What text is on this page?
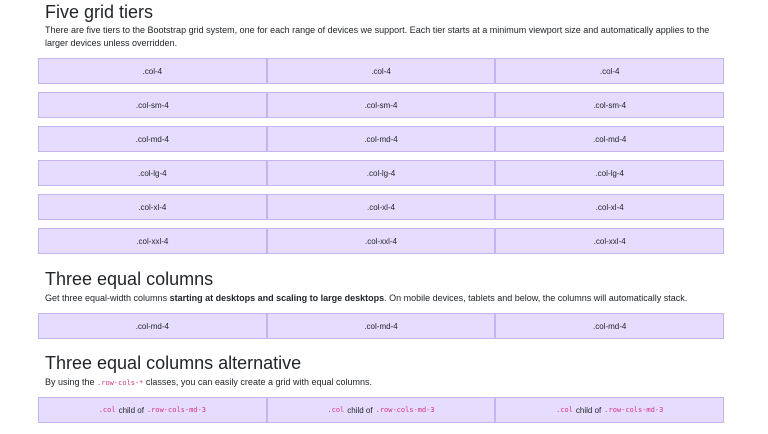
Five grid tiers

There are five tiers to the Bootstrap grid system, one for each range of devices we support. Each tier starts at a minimum viewport size and automatically applies to the larger devices unless overridden.

.col-4	.col-4	.col-4
.col-sm-4	.col-sm-4	.col-sm-4
.col-md-4	.col-md-4	.col-md-4
.col-lg-4	.col-lg-4	.col-lg-4
.col-xl-4	.col-xl-4	.col-xl-4
.col-xxl-4	.col-xxl-4	.col-xxl-4
Three equal columns

Get three equal-width columns starting at desktops and scaling to large desktops. On mobile devices, tablets and below, the columns will automatically stack.

.col-md-4	.col-md-4	.col-md-4
Three equal columns alternative

By using the .row-cols-* classes, you can easily create a grid with equal columns.

.col child of .row-cols-md-3	.col child of .row-cols-md-3	.col child of .row-cols-md-3
